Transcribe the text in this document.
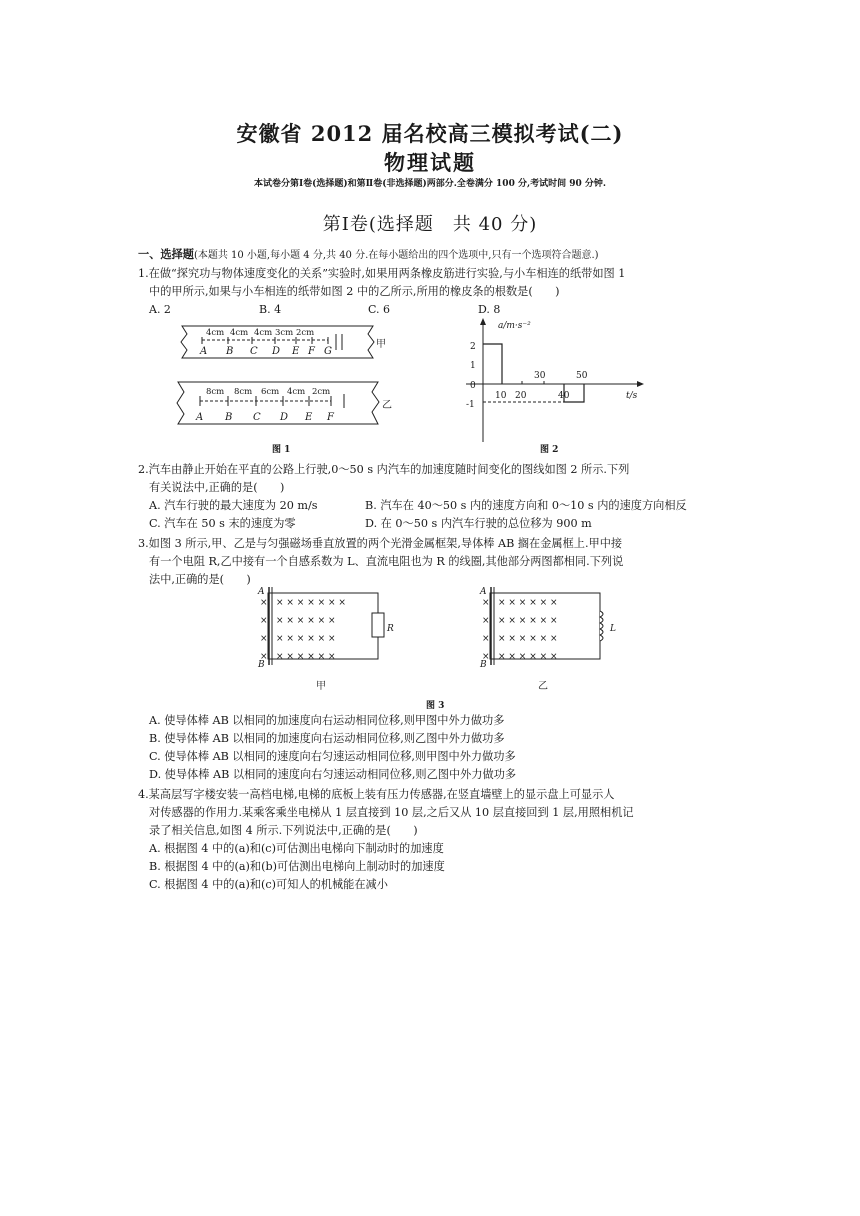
安徽省 2012 届名校高三模拟考试(二)
物理试题
本试卷分第Ⅰ卷(选择题)和第Ⅱ卷(非选择题)两部分.全卷满分 100 分,考试时间 90 分钟.
第Ⅰ卷(选择题　共 40 分)
一、选择题(本题共 10 小题,每小题 4 分,共 40 分.在每小题给出的四个选项中,只有一个选项符合题意.)
1.在做“探究功与物体速度变化的关系”实验时,如果用两条橡皮筋进行实验,与小车相连的纸带如图 1
中的甲所示,如果与小车相连的纸带如图 2 中的乙所示,所用的橡皮条的根数是(　　)
A. 2	B. 4	C. 6	D. 8
4cm 4cm 4cm 3cm 2cm
A B C D E F G
甲
8cm 8cm 6cm 4cm 2cm
A B C D E F
乙
图 1
a/m·s⁻²
t/s
2
1
0
-1
10 20
30
40
50
图 2
2.汽车由静止开始在平直的公路上行驶,0～50 s 内汽车的加速度随时间变化的图线如图 2 所示.下列
有关说法中,正确的是(　　)
A. 汽车行驶的最大速度为 20 m/s	B. 汽车在 40～50 s 内的速度方向和 0～10 s 内的速度方向相反
C. 汽车在 50 s 末的速度为零	D. 在 0～50 s 内汽车行驶的总位移为 900 m
3.如图 3 所示,甲、乙是与匀强磁场垂直放置的两个光滑金属框架,导体棒 AB 搁在金属框上.甲中接
有一个电阻 R,乙中接有一个自感系数为 L、直流电阻也为 R 的线圈,其他部分两图都相同.下列说
法中,正确的是(　　)
A
B
R
× × × × × × × ×
× × × × × × ×
× × × × × × ×
× × × × × × ×
甲
A
B
L
× × × × × × ×
× × × × × × ×
× × × × × × ×
× × × × × × ×
乙
图 3
A. 使导体棒 AB 以相同的加速度向右运动相同位移,则甲图中外力做功多
B. 使导体棒 AB 以相同的加速度向右运动相同位移,则乙图中外力做功多
C. 使导体棒 AB 以相同的速度向右匀速运动相同位移,则甲图中外力做功多
D. 使导体棒 AB 以相同的速度向右匀速运动相同位移,则乙图中外力做功多
4.某高层写字楼安装一高档电梯,电梯的底板上装有压力传感器,在竖直墙壁上的显示盘上可显示人
对传感器的作用力.某乘客乘坐电梯从 1 层直接到 10 层,之后又从 10 层直接回到 1 层,用照相机记
录了相关信息,如图 4 所示.下列说法中,正确的是(　　)
A. 根据图 4 中的(a)和(c)可估测出电梯向下制动时的加速度
B. 根据图 4 中的(a)和(b)可估测出电梯向上制动时的加速度
C. 根据图 4 中的(a)和(c)可知人的机械能在减小
